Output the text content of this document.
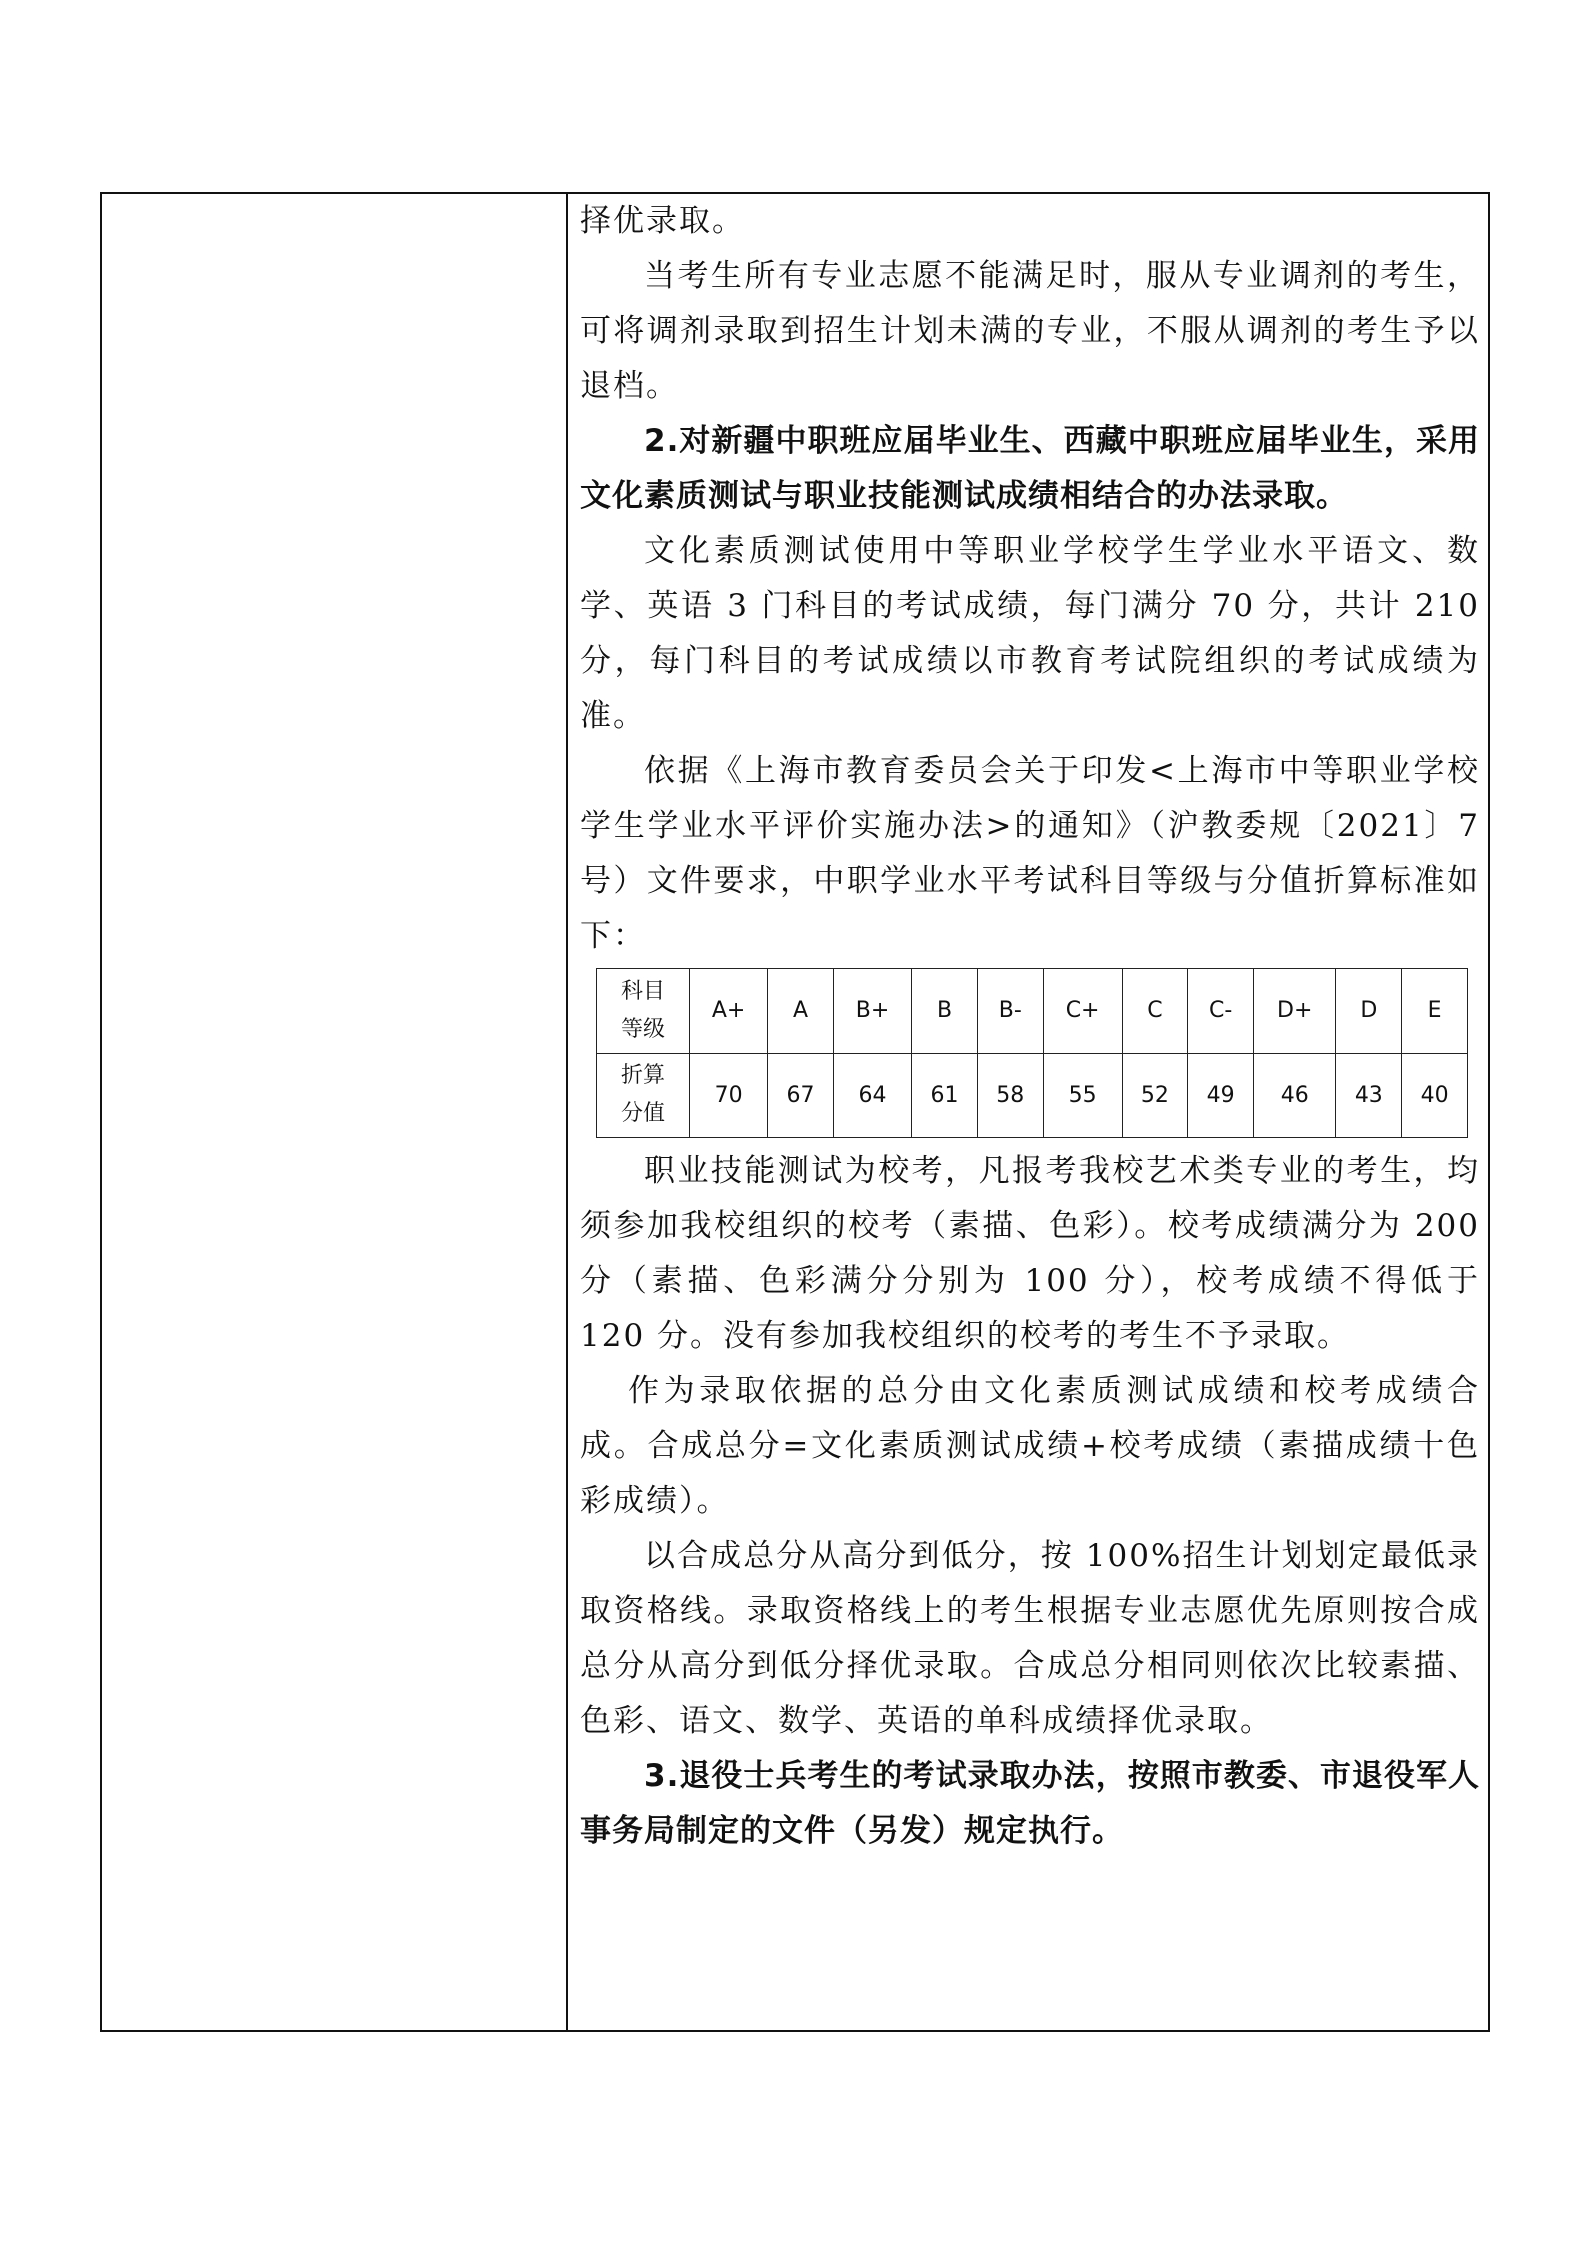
择优录取。

当考生所有专业志愿不能满足时，服从专业调剂的考生，可将调剂录取到招生计划未满的专业，不服从调剂的考生予以退档。

2.对新疆中职班应届毕业生、西藏中职班应届毕业生，采用文化素质测试与职业技能测试成绩相结合的办法录取。

文化素质测试使用中等职业学校学生学业水平语文、数学、英语 3 门科目的考试成绩，每门满分 70 分，共计 210 分，每门科目的考试成绩以市教育考试院组织的考试成绩为准。

依据《上海市教育委员会关于印发<上海市中等职业学校学生学业水平评价实施办法>的通知》（沪教委规〔2021〕7 号）文件要求，中职学业水平考试科目等级与分值折算标准如下：

科目
等级	A+	A	B+	B	B-	C+	C	C-	D+	D	E
折算
分值	70	67	64	61	58	55	52	49	46	43	40

职业技能测试为校考，凡报考我校艺术类专业的考生，均须参加我校组织的校考（素描、色彩）。校考成绩满分为 200 分（素描、色彩满分分别为 100 分），校考成绩不得低于 120 分。没有参加我校组织的校考的考生不予录取。

作为录取依据的总分由文化素质测试成绩和校考成绩合成。合成总分=文化素质测试成绩+校考成绩（素描成绩十色彩成绩）。

以合成总分从高分到低分，按 100%招生计划划定最低录取资格线。录取资格线上的考生根据专业志愿优先原则按合成总分从高分到低分择优录取。合成总分相同则依次比较素描、色彩、语文、数学、英语的单科成绩择优录取。

3.退役士兵考生的考试录取办法，按照市教委、市退役军人事务局制定的文件（另发）规定执行。
